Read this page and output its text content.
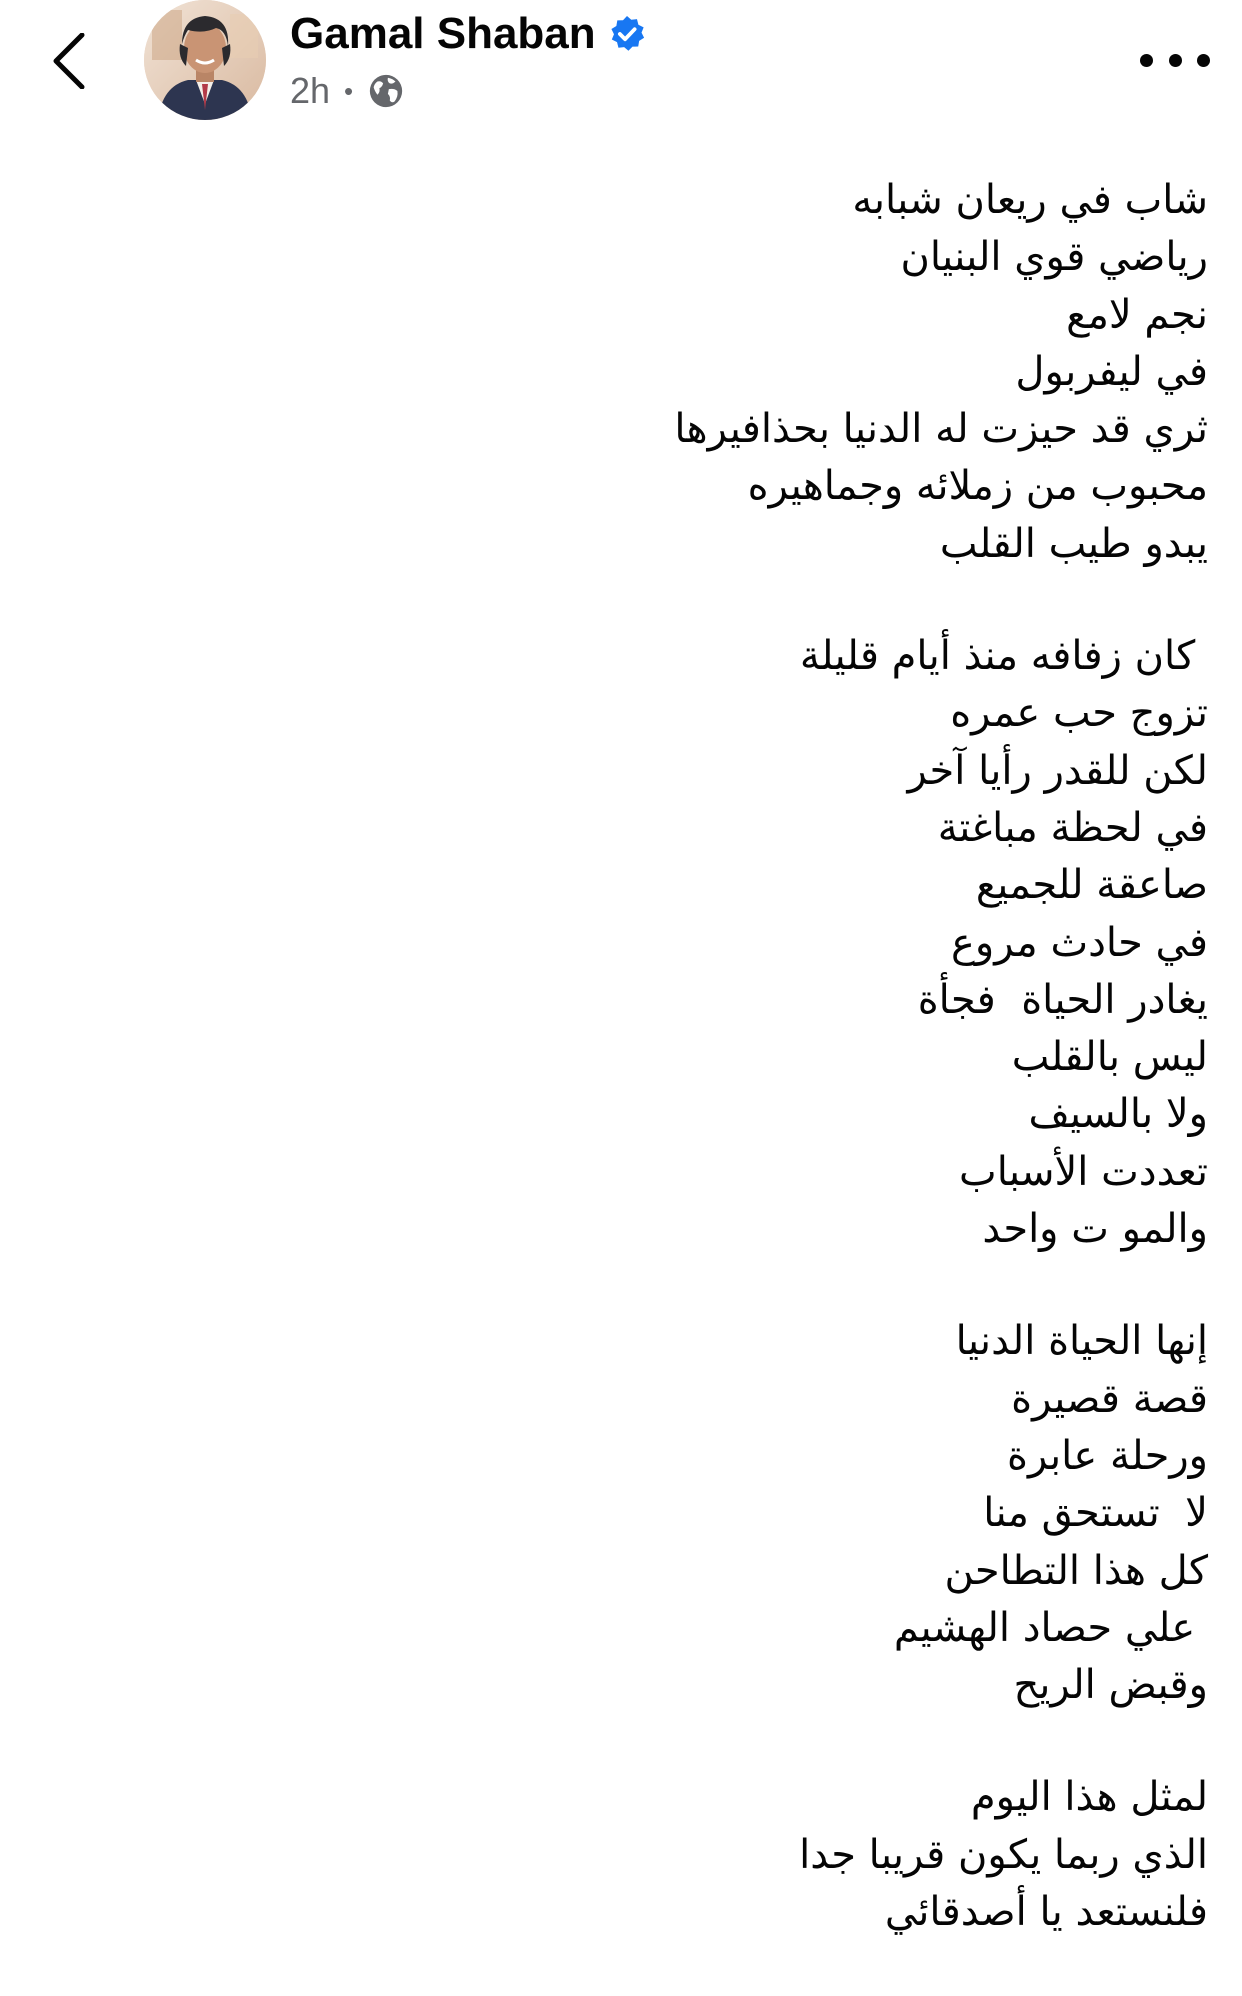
Gamal Shaban
2h •
شاب في ريعان شبابه
رياضي قوي البنيان
نجم لامع
في ليفربول
ثري قد حيزت له الدنيا بحذافيرها
محبوب من زملائه وجماهيره
يبدو طيب القلب
كان زفافه منذ أيام قليلة
تزوج حب عمره
لكن للقدر رأيا آخر
في لحظة مباغتة
صاعقة للجميع
في حادث مروع
يغادر الحياة  فجأة
ليس بالقلب
ولا بالسيف
تعددت الأسباب
والمو ت واحد
إنها الحياة الدنيا
قصة قصيرة
ورحلة عابرة
لا  تستحق منا
كل هذا التطاحن
علي حصاد الهشيم
وقبض الريح
لمثل هذا اليوم
الذي ربما يكون قريبا جدا
فلنستعد يا أصدقائي
